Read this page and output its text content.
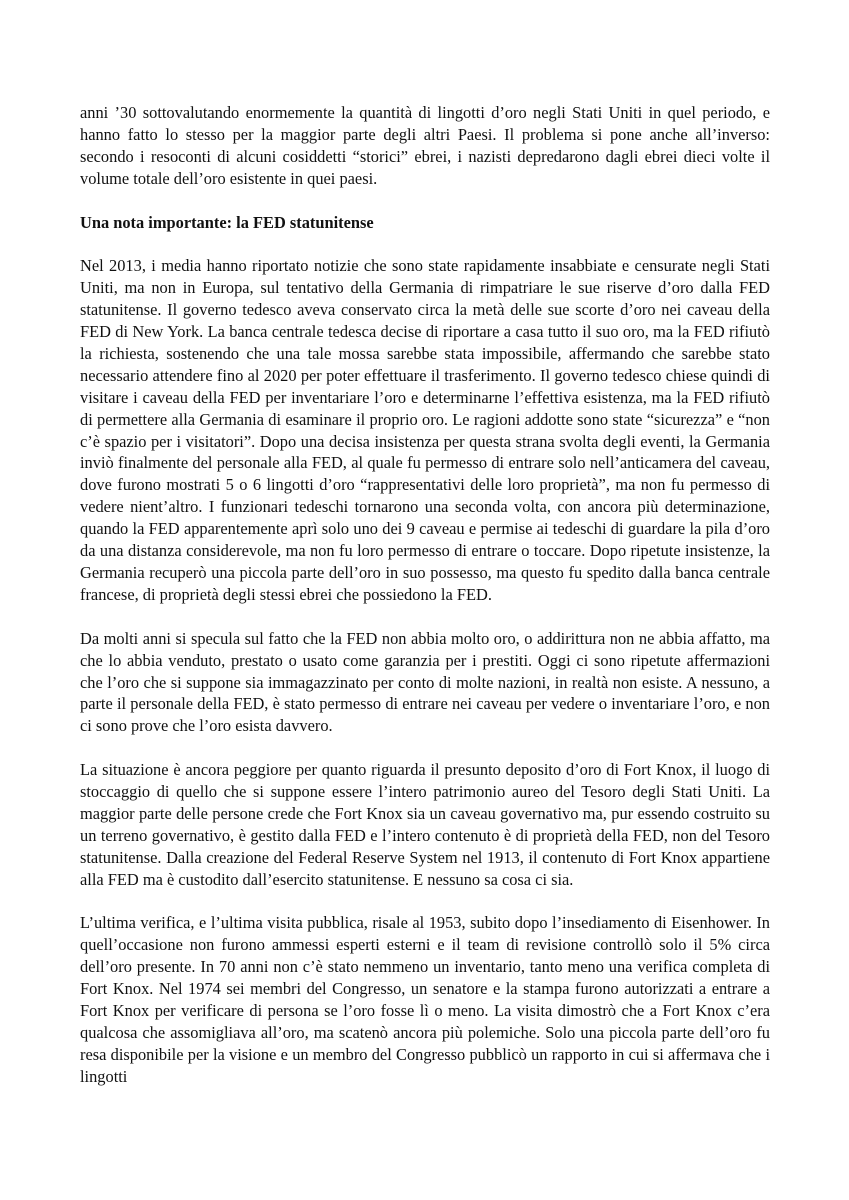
anni ’30 sottovalutando enormemente la quantità di lingotti d’oro negli Stati Uniti in quel periodo, e hanno fatto lo stesso per la maggior parte degli altri Paesi. Il problema si pone anche all’inverso: secondo i resoconti di alcuni cosiddetti “storici” ebrei, i nazisti depredarono dagli ebrei dieci volte il volume totale dell’oro esistente in quei paesi.

Una nota importante: la FED statunitense

Nel 2013, i media hanno riportato notizie che sono state rapidamente insabbiate e censurate negli Stati Uniti, ma non in Europa, sul tentativo della Germania di rimpatriare le sue riserve d’oro dalla FED statunitense. Il governo tedesco aveva conservato circa la metà delle sue scorte d’oro nei caveau della FED di New York. La banca centrale tedesca decise di riportare a casa tutto il suo oro, ma la FED rifiutò la richiesta, sostenendo che una tale mossa sarebbe stata impossibile, affermando che sarebbe stato necessario attendere fino al 2020 per poter effettuare il trasferimento. Il governo tedesco chiese quindi di visitare i caveau della FED per inventariare l’oro e determinarne l’effettiva esistenza, ma la FED rifiutò di permettere alla Germania di esaminare il proprio oro. Le ragioni addotte sono state “sicurezza” e “non c’è spazio per i visitatori”. Dopo una decisa insistenza per questa strana svolta degli eventi, la Germania inviò finalmente del personale alla FED, al quale fu permesso di entrare solo nell’anticamera del caveau, dove furono mostrati 5 o 6 lingotti d’oro “rappresentativi delle loro proprietà”, ma non fu permesso di vedere nient’altro. I funzionari tedeschi tornarono una seconda volta, con ancora più determinazione, quando la FED apparentemente aprì solo uno dei 9 caveau e permise ai tedeschi di guardare la pila d’oro da una distanza considerevole, ma non fu loro permesso di entrare o toccare. Dopo ripetute insistenze, la Germania recuperò una piccola parte dell’oro in suo possesso, ma questo fu spedito dalla banca centrale francese, di proprietà degli stessi ebrei che possiedono la FED.

Da molti anni si specula sul fatto che la FED non abbia molto oro, o addirittura non ne abbia affatto, ma che lo abbia venduto, prestato o usato come garanzia per i prestiti. Oggi ci sono ripetute affermazioni che l’oro che si suppone sia immagazzinato per conto di molte nazioni, in realtà non esiste. A nessuno, a parte il personale della FED, è stato permesso di entrare nei caveau per vedere o inventariare l’oro, e non ci sono prove che l’oro esista davvero.

La situazione è ancora peggiore per quanto riguarda il presunto deposito d’oro di Fort Knox, il luogo di stoccaggio di quello che si suppone essere l’intero patrimonio aureo del Tesoro degli Stati Uniti. La maggior parte delle persone crede che Fort Knox sia un caveau governativo ma, pur essendo costruito su un terreno governativo, è gestito dalla FED e l’intero contenuto è di proprietà della FED, non del Tesoro statunitense. Dalla creazione del Federal Reserve System nel 1913, il contenuto di Fort Knox appartiene alla FED ma è custodito dall’esercito statunitense. E nessuno sa cosa ci sia.

L’ultima verifica, e l’ultima visita pubblica, risale al 1953, subito dopo l’insediamento di Eisenhower. In quell’occasione non furono ammessi esperti esterni e il team di revisione controllò solo il 5% circa dell’oro presente. In 70 anni non c’è stato nemmeno un inventario, tanto meno una verifica completa di Fort Knox. Nel 1974 sei membri del Congresso, un senatore e la stampa furono autorizzati a entrare a Fort Knox per verificare di persona se l’oro fosse lì o meno. La visita dimostrò che a Fort Knox c’era qualcosa che assomigliava all’oro, ma scatenò ancora più polemiche. Solo una piccola parte dell’oro fu resa disponibile per la visione e un membro del Congresso pubblicò un rapporto in cui si affermava che i lingotti
